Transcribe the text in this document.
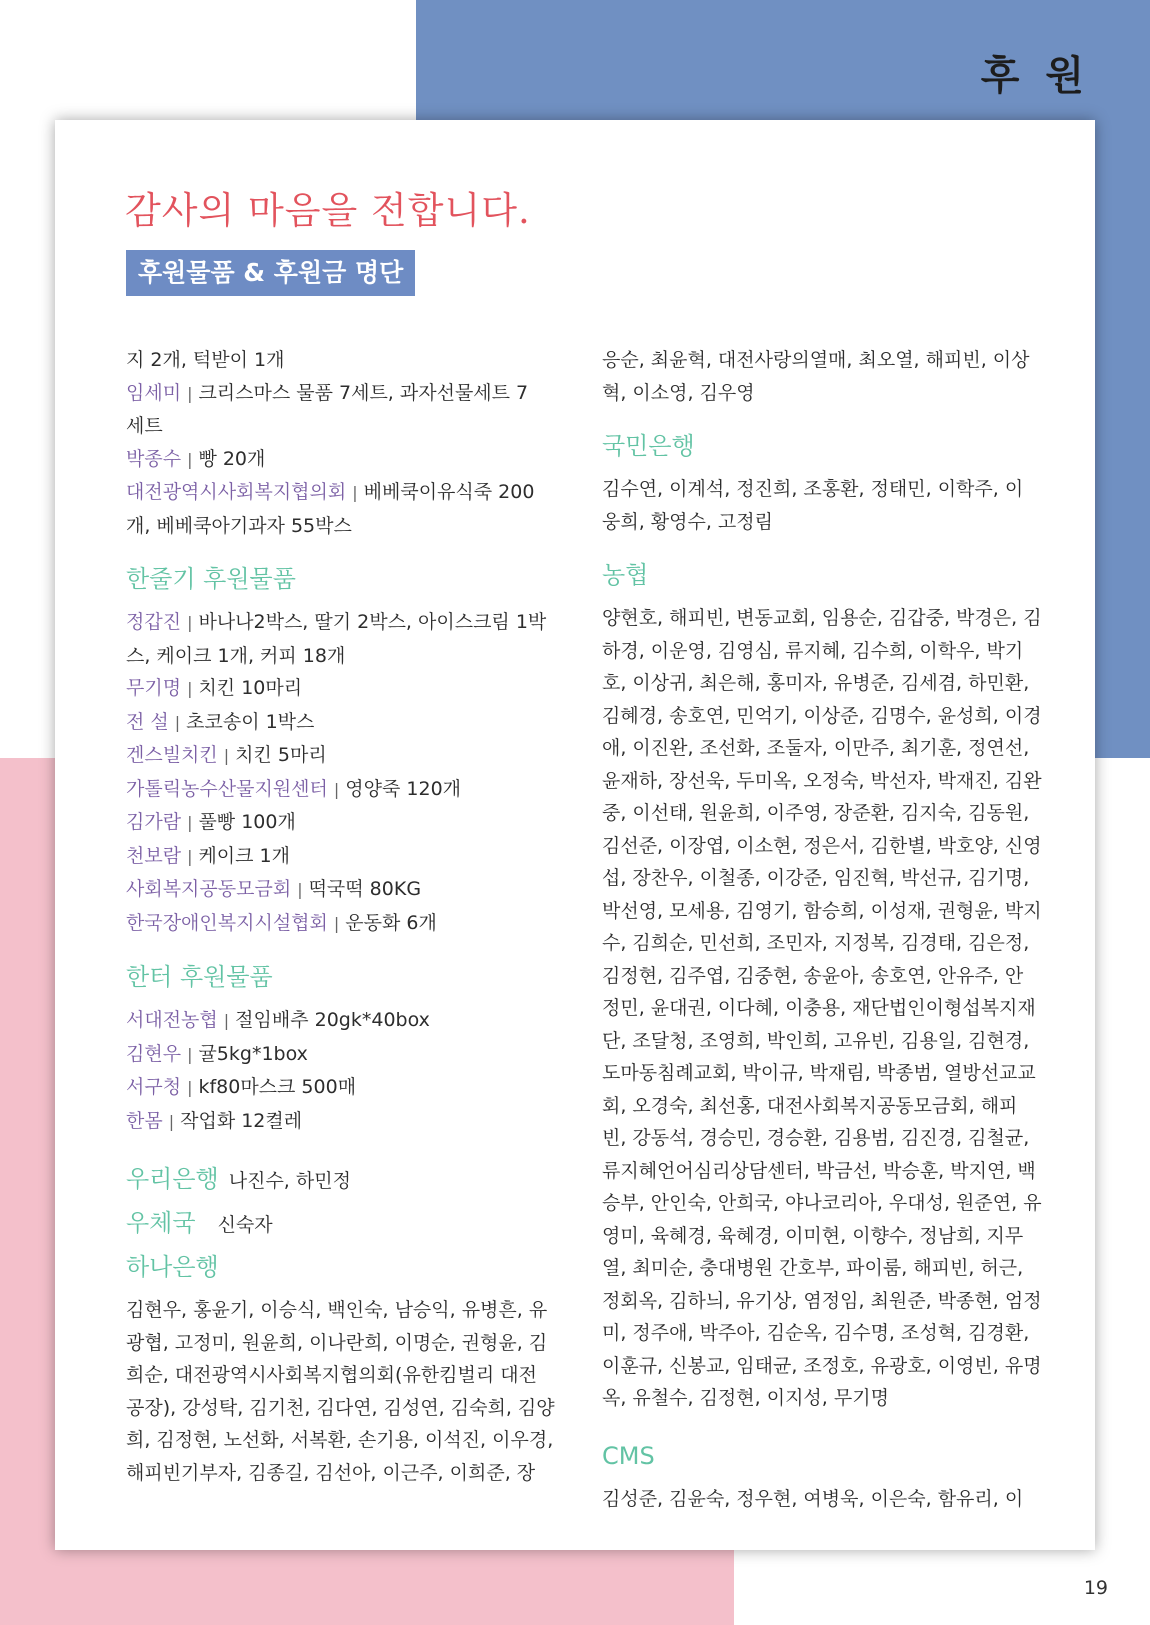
후 원
감사의 마음을 전합니다.
후원물품 & 후원금 명단
지 2개, 턱받이 1개
임세미 | 크리스마스 물품 7세트, 과자선물세트 7
세트
박종수 | 빵 20개
대전광역시사회복지협의회 | 베베쿡이유식죽 200
개, 베베쿡아기과자 55박스
한줄기 후원물품
정갑진 | 바나나2박스, 딸기 2박스, 아이스크림 1박
스, 케이크 1개, 커피 18개
무기명 | 치킨 10마리
전 설 | 초코송이 1박스
겐스빌치킨 | 치킨 5마리
가톨릭농수산물지원센터 | 영양죽 120개
김가람 | 풀빵 100개
천보람 | 케이크 1개
사회복지공동모금회 | 떡국떡 80KG
한국장애인복지시설협회 | 운동화 6개
한터 후원물품
서대전농협 | 절임배추 20gk*40box
김현우 | 귤5kg*1box
서구청 | kf80마스크 500매
한몸 | 작업화 12켤레
우리은행 나진수, 하민정
우체국 신숙자
하나은행
김현우, 홍윤기, 이승식, 백인숙, 남승익, 유병흔, 유
광협, 고정미, 원윤희, 이나란희, 이명순, 권형윤, 김
희순, 대전광역시사회복지협의회(유한킴벌리 대전
공장), 강성탁, 김기천, 김다연, 김성연, 김숙희, 김양
희, 김정현, 노선화, 서복환, 손기용, 이석진, 이우경,
해피빈기부자, 김종길, 김선아, 이근주, 이희준, 장
응순, 최윤혁, 대전사랑의열매, 최오열, 해피빈, 이상
혁, 이소영, 김우영
국민은행
김수연, 이계석, 정진희, 조홍환, 정태민, 이학주, 이
웅희, 황영수, 고정림
농협
양현호, 해피빈, 변동교회, 임용순, 김갑중, 박경은, 김
하경, 이운영, 김영심, 류지혜, 김수희, 이학우, 박기
호, 이상귀, 최은해, 홍미자, 유병준, 김세겸, 하민환,
김혜경, 송호연, 민억기, 이상준, 김명수, 윤성희, 이경
애, 이진완, 조선화, 조둘자, 이만주, 최기훈, 정연선,
윤재하, 장선욱, 두미옥, 오정숙, 박선자, 박재진, 김완
중, 이선태, 원윤희, 이주영, 장준환, 김지숙, 김동원,
김선준, 이장엽, 이소현, 정은서, 김한별, 박호양, 신영
섭, 장찬우, 이철종, 이강준, 임진혁, 박선규, 김기명,
박선영, 모세용, 김영기, 함승희, 이성재, 권형윤, 박지
수, 김희순, 민선희, 조민자, 지정복, 김경태, 김은정,
김정현, 김주엽, 김중현, 송윤아, 송호연, 안유주, 안
정민, 윤대권, 이다혜, 이충용, 재단법인이형섭복지재
단, 조달청, 조영희, 박인희, 고유빈, 김용일, 김현경,
도마동침례교회, 박이규, 박재림, 박종범, 열방선교교
회, 오경숙, 최선홍, 대전사회복지공동모금회, 해피
빈, 강동석, 경승민, 경승환, 김용범, 김진경, 김철균,
류지혜언어심리상담센터, 박금선, 박승훈, 박지연, 백
승부, 안인숙, 안희국, 야나코리아, 우대성, 원준연, 유
영미, 육혜경, 육혜경, 이미현, 이향수, 정남희, 지무
열, 최미순, 충대병원 간호부, 파이룸, 해피빈, 허근,
정회옥, 김하늬, 유기상, 염정임, 최원준, 박종현, 엄정
미, 정주애, 박주아, 김순옥, 김수명, 조성혁, 김경환,
이훈규, 신봉교, 임태균, 조정호, 유광호, 이영빈, 유명
옥, 유철수, 김정현, 이지성, 무기명
CMS
김성준, 김윤숙, 정우현, 여병욱, 이은숙, 함유리, 이
19
